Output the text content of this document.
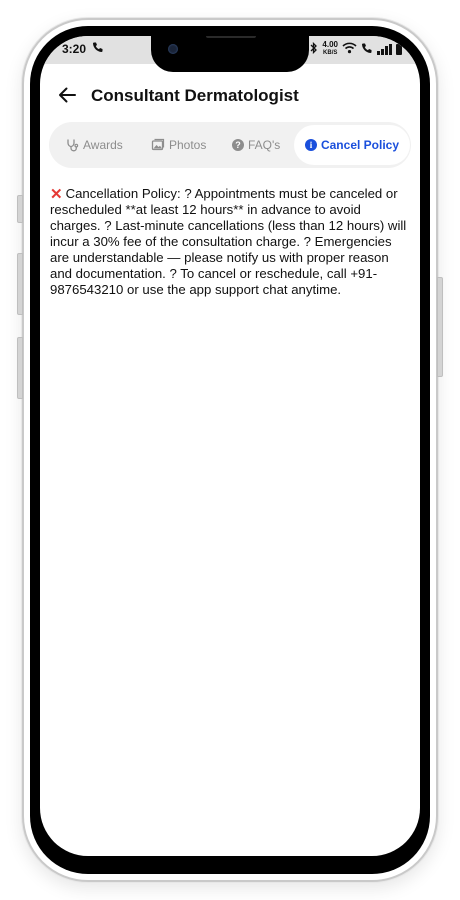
3:20	4.00
KB/S
Consultant Dermatologist
Awards	Photos	? FAQ's	i Cancel Policy
✕ Cancellation Policy: ? Appointments must be canceled or rescheduled **at least 12 hours** in advance to avoid charges. ? Last-minute cancellations (less than 12 hours) will incur a 30% fee of the consultation charge. ? Emergencies are understandable — please notify us with proper reason and documentation. ? To cancel or reschedule, call +91-9876543210 or use the app support chat anytime.
